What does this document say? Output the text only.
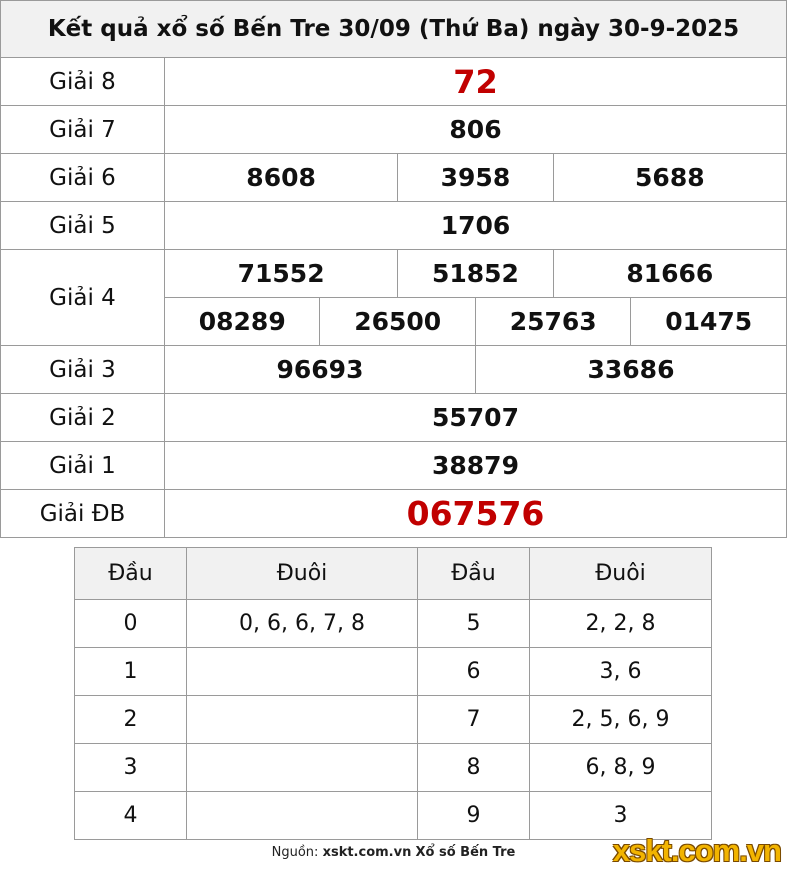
Kết quả xổ số Bến Tre 30/09 (Thứ Ba) ngày 30-9-2025						
Giải 8	72					
Giải 7	806					
Giải 6	8608		3958		5688	
Giải 5	1706					
Giải 4	71552		51852		81666	
	08289	26500		25763		01475
Giải 3	96693			33686		
Giải 2	55707					
Giải 1	38879					
Giải ĐB	067576					
Đầu	Đuôi	Đầu	Đuôi
0	0, 6, 6, 7, 8	5	2, 2, 8
1		6	3, 6
2		7	2, 5, 6, 9
3		8	6, 8, 9
4		9	3
Nguồn: xskt.com.vn Xổ số Bến Tre	xskt.com.vn
